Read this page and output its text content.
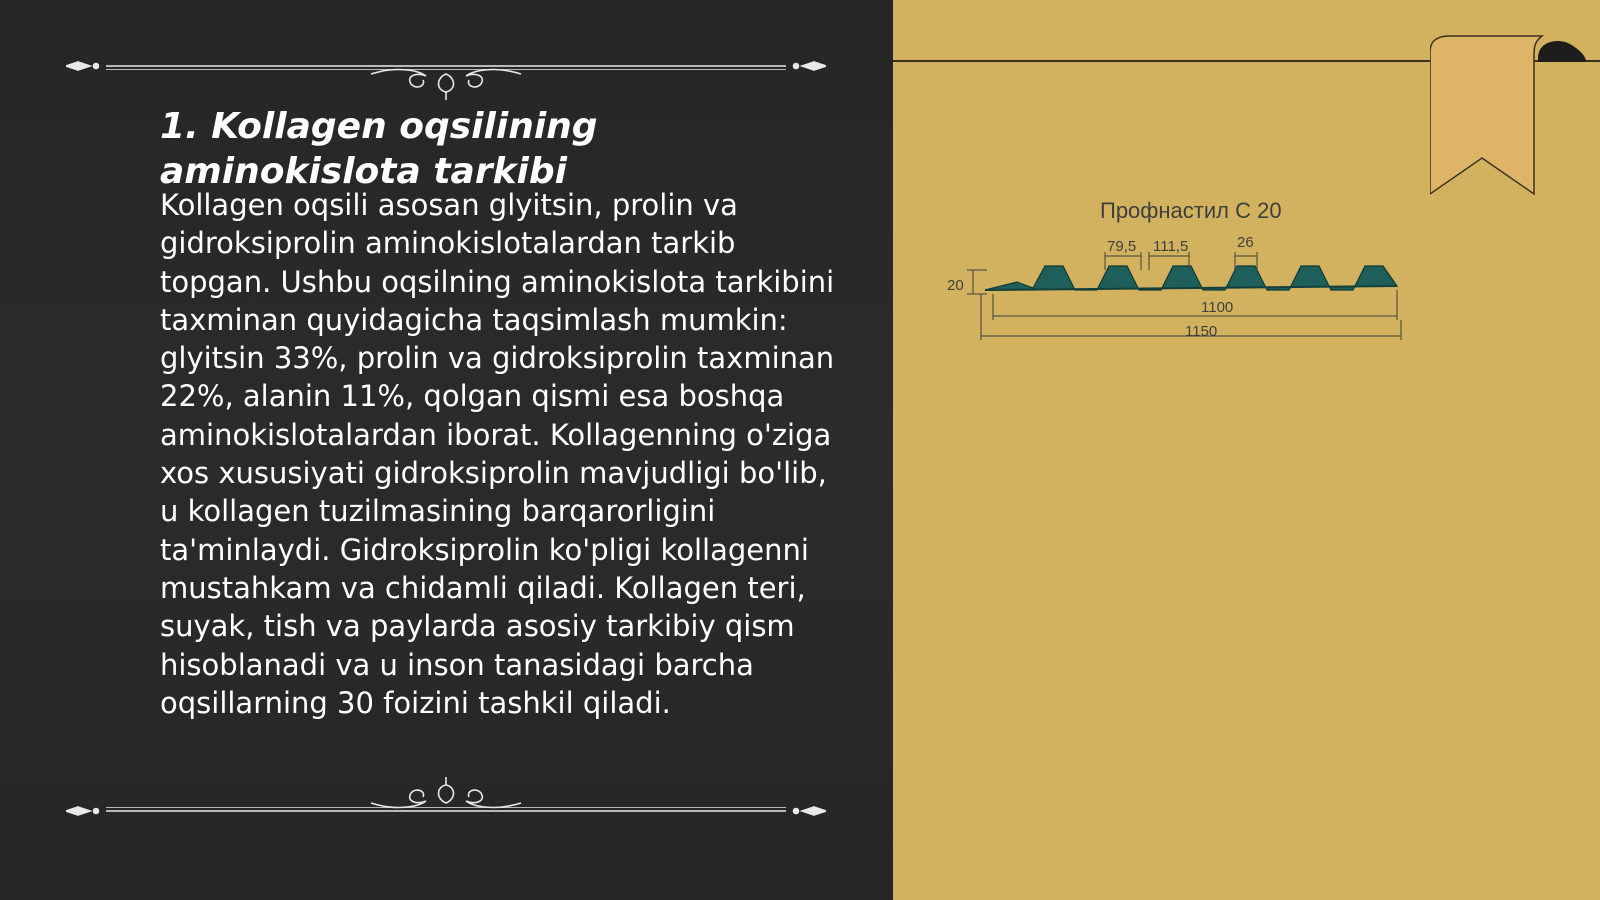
1. Kollagen oqsilining aminokislota tarkibi

Kollagen oqsili asosan glyitsin, prolin va gidroksiprolin aminokislotalardan tarkib topgan. Ushbu oqsilning aminokislota tarkibini taxminan quyidagicha taqsimlash mumkin: glyitsin 33%, prolin va gidroksiprolin taxminan 22%, alanin 11%, qolgan qismi esa boshqa aminokislotalardan iborat. Kollagenning o'ziga xos xususiyati gidroksiprolin mavjudligi bo'lib, u kollagen tuzilmasining barqarorligini ta'minlaydi. Gidroksiprolin ko'pligi kollagenni mustahkam va chidamli qiladi. Kollagen teri, suyak, tish va paylarda asosiy tarkibiy qism hisoblanadi va u inson tanasidagi barcha oqsillarning 30 foizini tashkil qiladi.

Профнастил С 20
79,5 111,5	26
20
1100
1150
